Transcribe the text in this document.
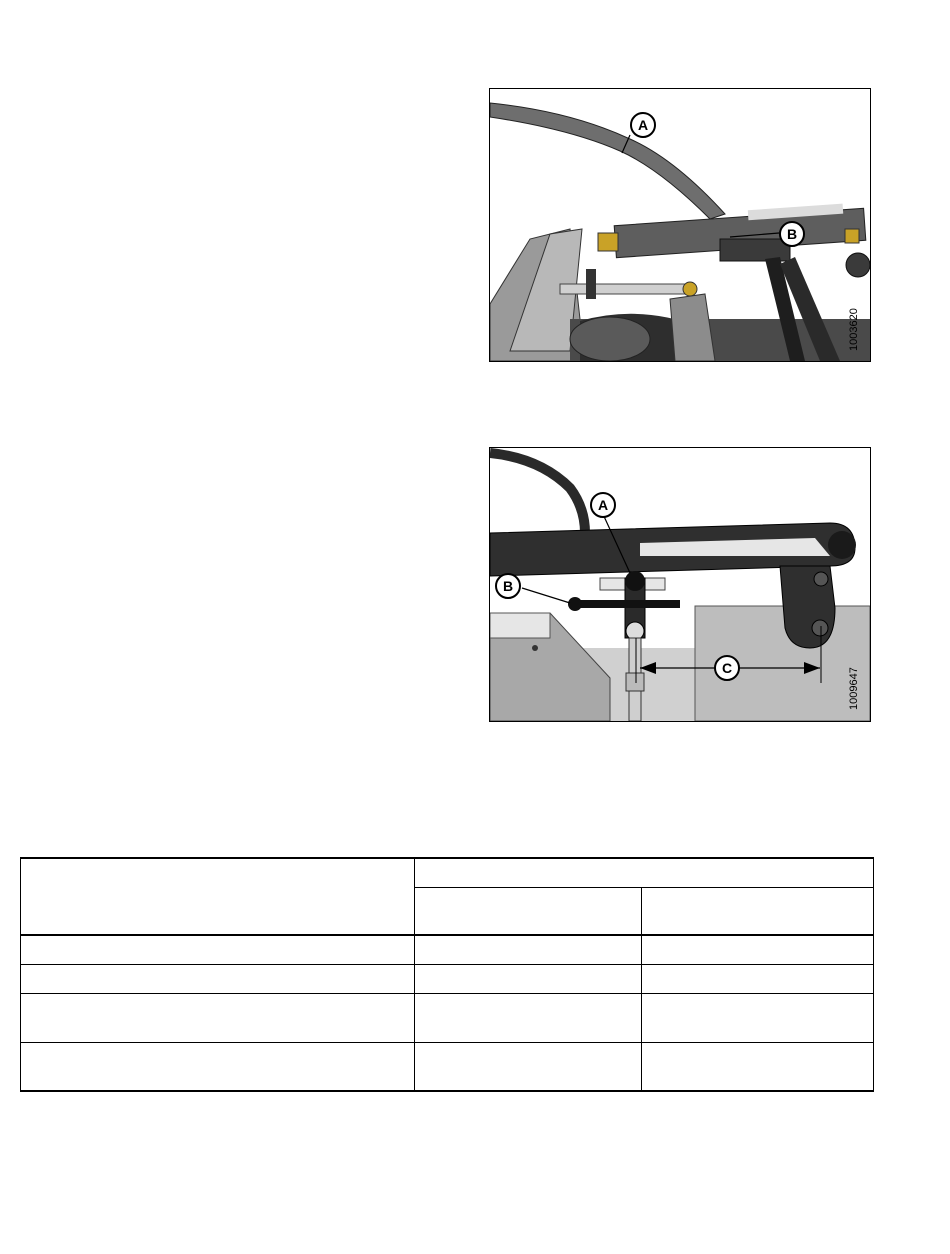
A
B
1003620
A
B
C	1009647
